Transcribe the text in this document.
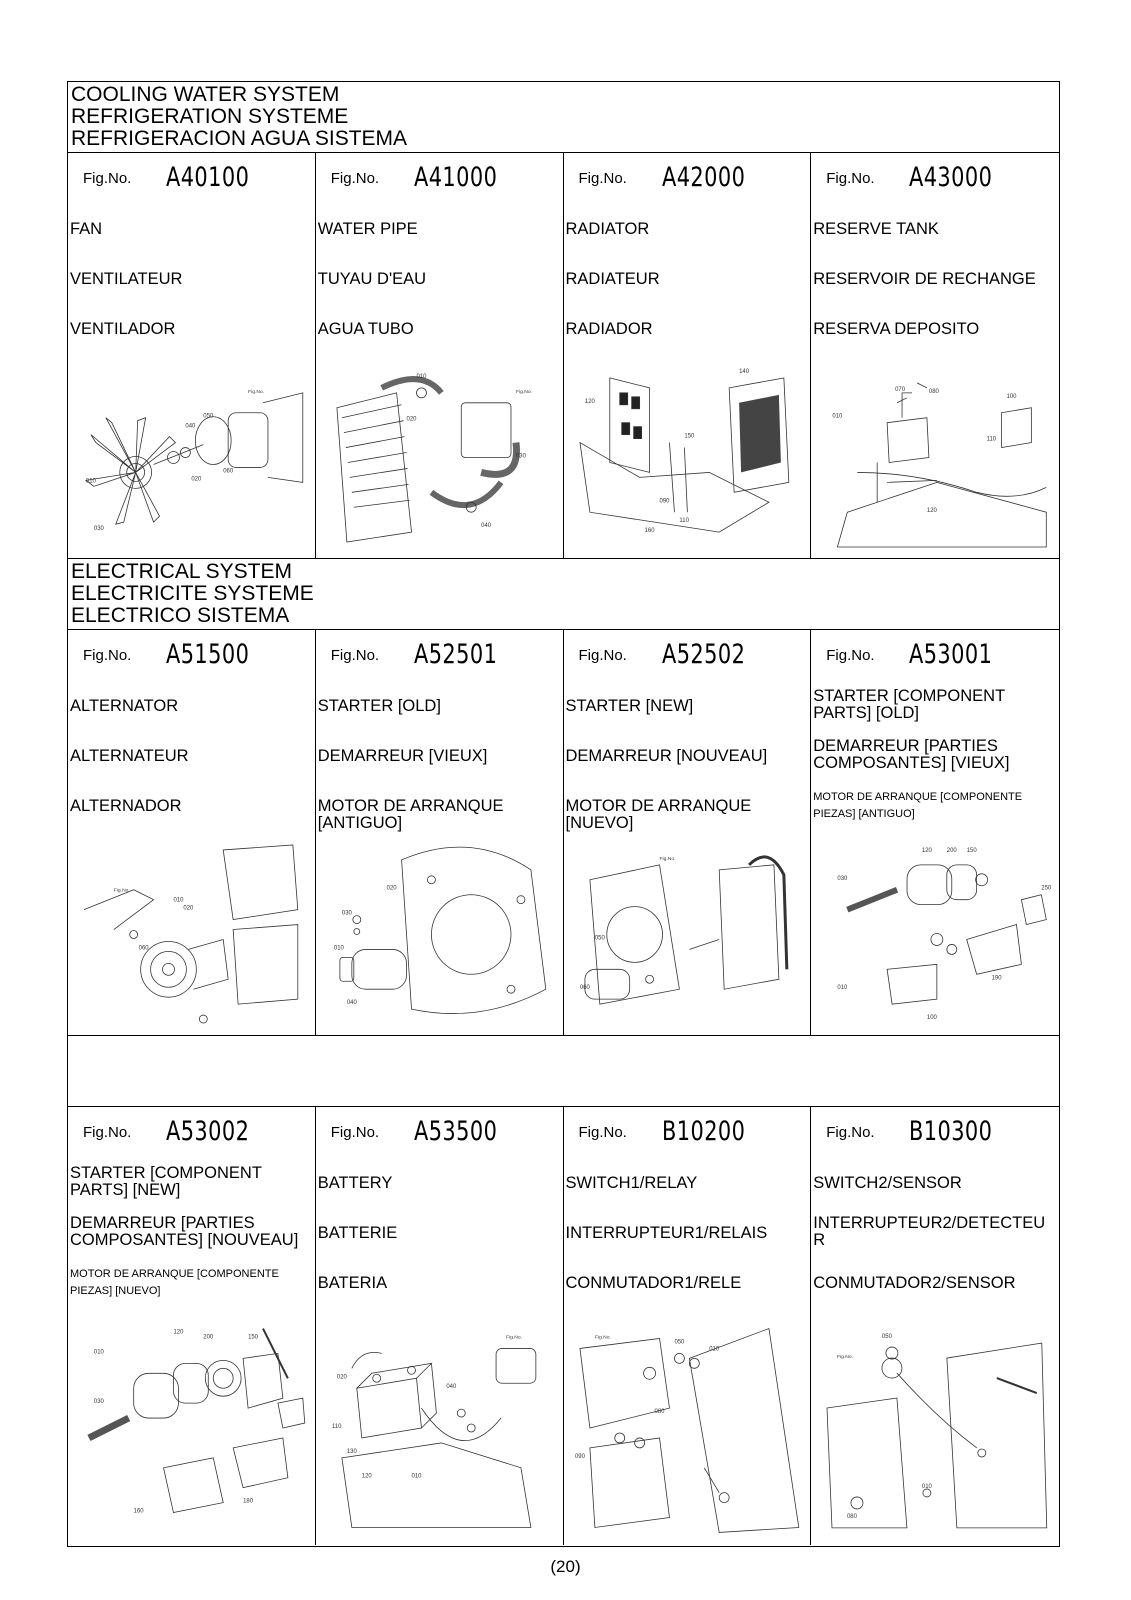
COOLING WATER SYSTEM
REFRIGERATION SYSTEME
REFRIGERACION AGUA SISTEMA
Fig.No. A40100
FAN
VENTILATEUR
VENTILADOR
010
030
050
040
060
020
Fig.No.
Fig.No. A41000
WATER PIPE
TUYAU D'EAU
AGUA TUBO
010
020
030
040
Fig.No.
Fig.No. A42000
RADIATOR
RADIATEUR
RADIADOR
120
140
150
090
110
160
Fig.No. A43000
RESERVE TANK
RESERVOIR DE RECHANGE
RESERVA DEPOSITO
070	080
010
110
120
100
ELECTRICAL SYSTEM
ELECTRICITE SYSTEME
ELECTRICO SISTEMA
Fig.No. A51500
ALTERNATOR
ALTERNATEUR
ALTERNADOR
010
020
060
Fig.No.
Fig.No. A52501
STARTER [OLD]
DEMARREUR [VIEUX]
MOTOR DE ARRANQUE [ANTIGUO]
020
030
010
040
Fig.No. A52502
STARTER [NEW]
DEMARREUR [NOUVEAU]
MOTOR DE ARRANQUE [NUEVO]
050
060
Fig.No.
Fig.No. A53001
STARTER [COMPONENT PARTS] [OLD]
DEMARREUR [PARTIES COMPOSANTES] [VIEUX]
MOTOR DE ARRANQUE [COMPONENTE PIEZAS] [ANTIGUO]
120 200 150
030
250
010
100
190
Fig.No. A53002
STARTER [COMPONENT PARTS] [NEW]
DEMARREUR [PARTIES COMPOSANTES] [NOUVEAU]
MOTOR DE ARRANQUE [COMPONENTE PIEZAS] [NUEVO]
120
200	150
010
030
160
180
Fig.No. A53500
BATTERY
BATTERIE
BATERIA
020
110
130
120	010
040
Fig.No.
Fig.No. B10200
SWITCH1/RELAY
INTERRUPTEUR1/RELAIS
CONMUTADOR1/RELE
050
010
080
090
Fig.No.
Fig.No. B10300
SWITCH2/SENSOR
INTERRUPTEUR2/DETECTEU R
CONMUTADOR2/SENSOR
050
Fig.No.
080
010
(20)
